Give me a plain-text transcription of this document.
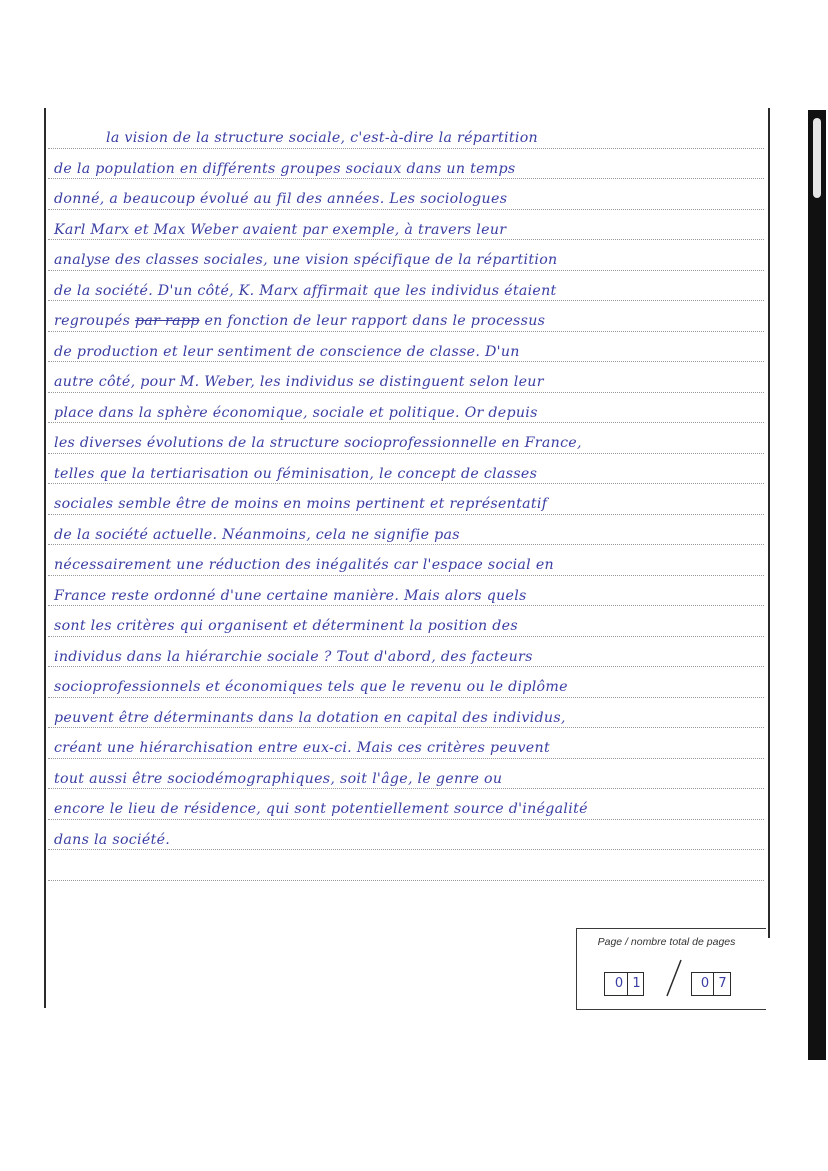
la vision de la structure sociale, c'est-à-dire la répartition
de la population en différents groupes sociaux dans un temps
donné, a beaucoup évolué au fil des années. Les sociologues
Karl Marx et Max Weber avaient par exemple, à travers leur
analyse des classes sociales, une vision spécifique de la répartition
de la société. D'un côté, K. Marx affirmait que les individus étaient
regroupés par rapp en fonction de leur rapport dans le processus
de production et leur sentiment de conscience de classe. D'un
autre côté, pour M. Weber, les individus se distinguent selon leur
place dans la sphère économique, sociale et politique. Or depuis
les diverses évolutions de la structure socioprofessionnelle en France,
telles que la tertiarisation ou féminisation, le concept de classes
sociales semble être de moins en moins pertinent et représentatif
de la société actuelle. Néanmoins, cela ne signifie pas
nécessairement une réduction des inégalités car l'espace social en
France reste ordonné d'une certaine manière. Mais alors quels
sont les critères qui organisent et déterminent la position des
individus dans la hiérarchie sociale ? Tout d'abord, des facteurs
socioprofessionnels et économiques tels que le revenu ou le diplôme
peuvent être déterminants dans la dotation en capital des individus,
créant une hiérarchisation entre eux-ci. Mais ces critères peuvent
tout aussi être sociodémographiques, soit l'âge, le genre ou
encore le lieu de résidence, qui sont potentiellement source d'inégalité
dans la société.
Page / nombre total de pages
0 1	0 7
